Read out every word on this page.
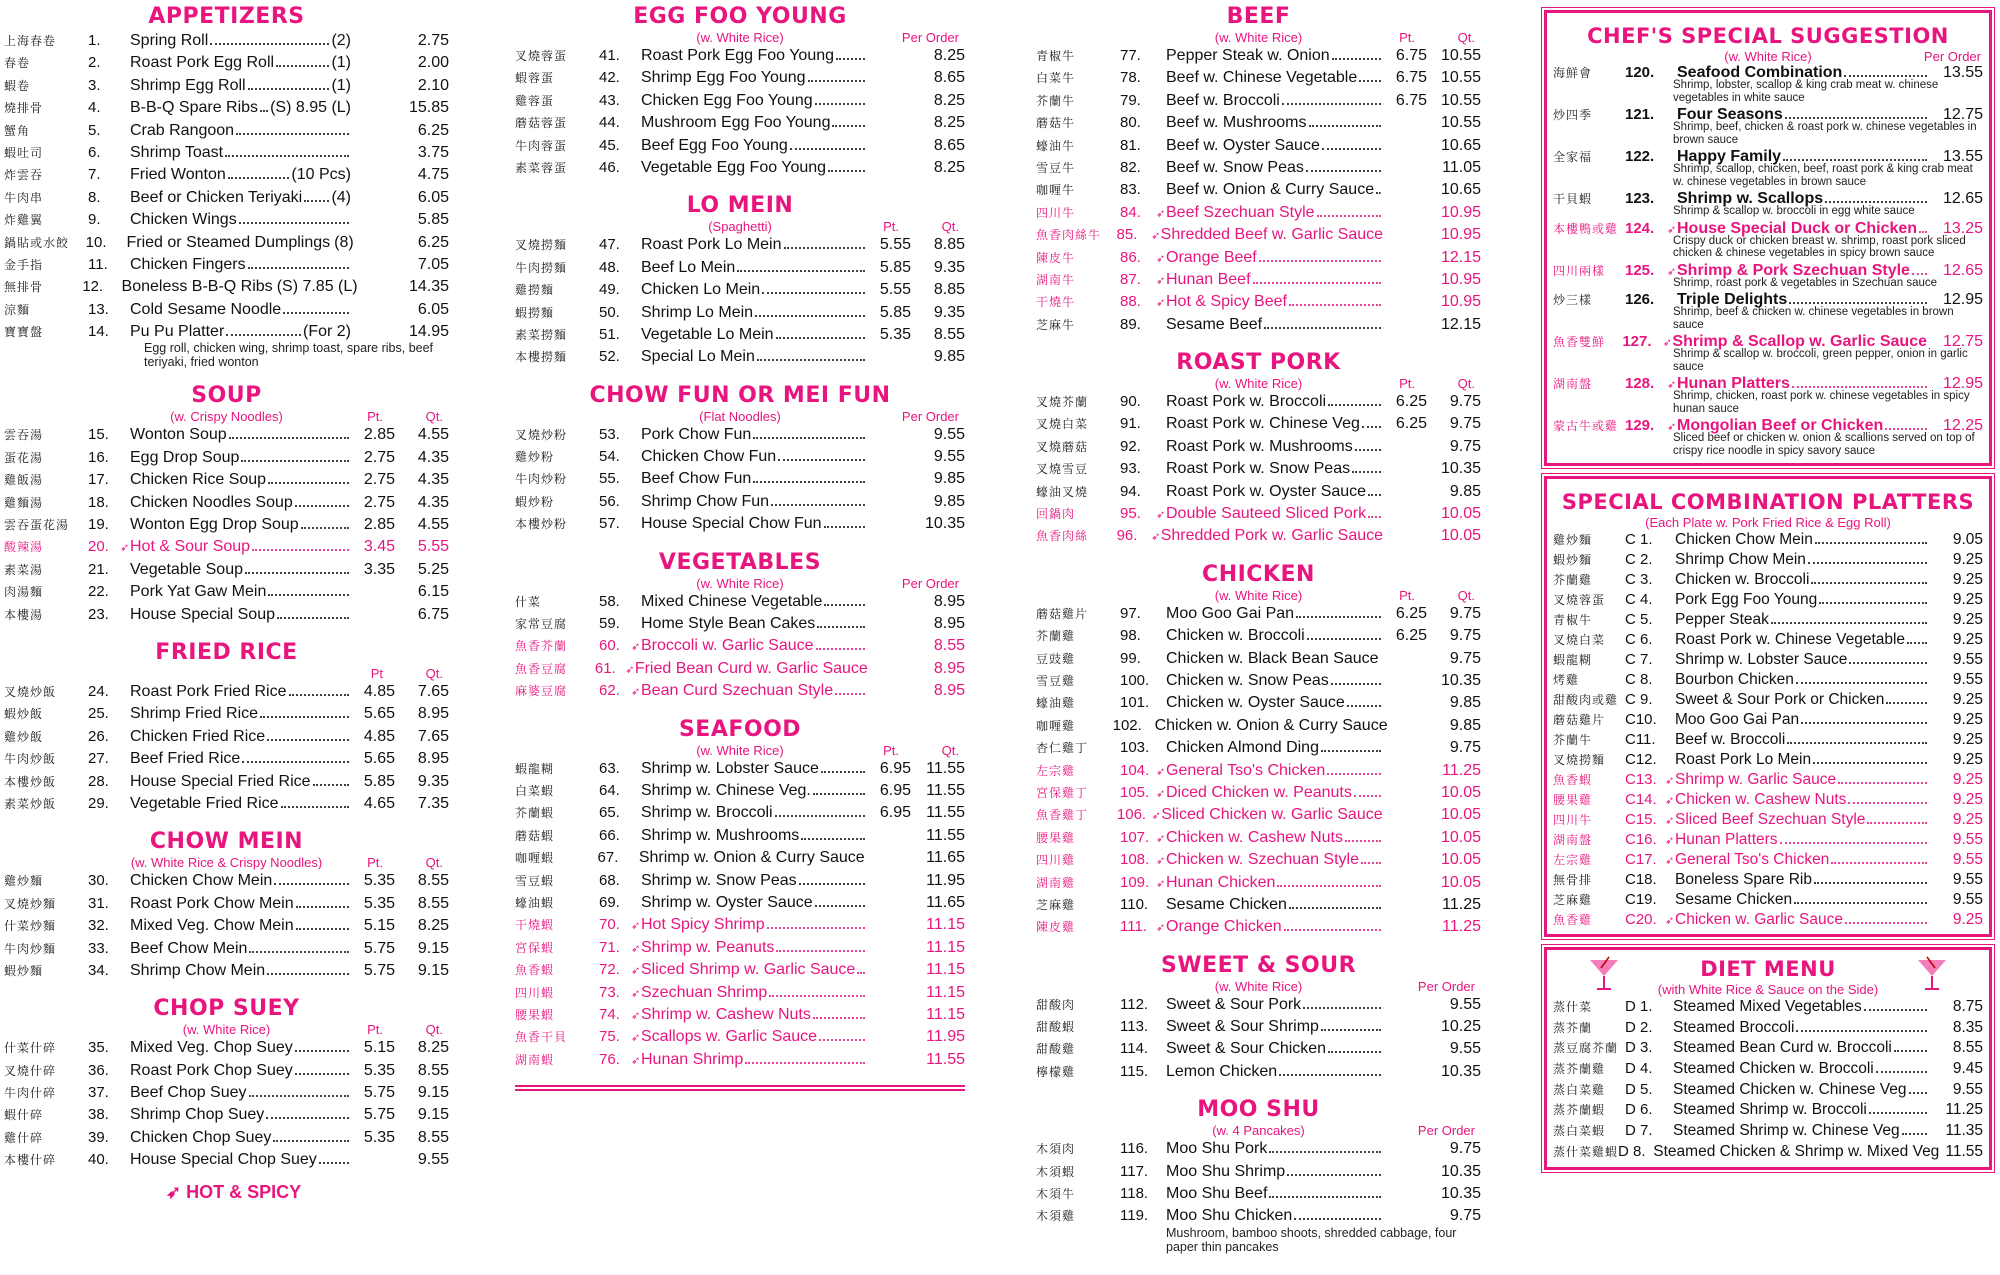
APPETIZERS
上海春卷	1.	Spring Roll	(2)	2.75
春卷	2.	Roast Pork Egg Roll	(1)	2.00
蝦卷	3.	Shrimp Egg Roll	(1)	2.10
燒排骨	4.	B-B-Q Spare Ribs (S) 8.95 (L)	15.85
蟹角	5.	Crab Rangoon	6.25
蝦吐司	6.	Shrimp Toast	3.75
炸雲吞	7.	Fried Wonton	(10 Pcs)	4.75
牛肉串	8.	Beef or Chicken Teriyaki (4)	6.05
炸雞翼	9.	Chicken Wings	5.85
鍋貼或水餃	10.	Fried or Steamed Dumplings (8)	6.25
金手指	11.	Chicken Fingers	7.05
無排骨	12.	Boneless B-B-Q Ribs (S) 7.85 (L)	14.35
涼麵	13.	Cold Sesame Noodle	6.05
寶寶盤	14.	Pu Pu Platter	(For 2)	14.95
Egg roll, chicken wing, shrimp toast, spare ribs, beef teriyaki, fried wonton
SOUP
(w. Crispy Noodles)	Pt.	Qt.
雲吞湯	15.	Wonton Soup	2.85	4.55
蛋花湯	16.	Egg Drop Soup	2.75	4.35
雞飯湯	17.	Chicken Rice Soup	2.75	4.35
雞麵湯	18.	Chicken Noodles Soup	2.75	4.35
雲吞蛋花湯	19.	Wonton Egg Drop Soup	2.85	4.55
酸辣湯	20.	➶ Hot & Sour Soup	3.45	5.55
素菜湯	21.	Vegetable Soup	3.35	5.25
肉湯麵	22.	Pork Yat Gaw Mein	6.15
本樓湯	23.	House Special Soup	6.75
FRIED RICE
Pt	Qt.
叉燒炒飯	24.	Roast Pork Fried Rice	4.85	7.65
蝦炒飯	25.	Shrimp Fried Rice	5.65	8.95
雞炒飯	26.	Chicken Fried Rice	4.85	7.65
牛肉炒飯	27.	Beef Fried Rice	5.65	8.95
本樓炒飯	28.	House Special Fried Rice	5.85	9.35
素菜炒飯	29.	Vegetable Fried Rice	4.65	7.35
CHOW MEIN
(w. White Rice & Crispy Noodles)	Pt.	Qt.
雞炒麵	30.	Chicken Chow Mein	5.35	8.55
叉燒炒麵	31.	Roast Pork Chow Mein	5.35	8.55
什菜炒麵	32.	Mixed Veg. Chow Mein	5.15	8.25
牛肉炒麵	33.	Beef Chow Mein	5.75	9.15
蝦炒麵	34.	Shrimp Chow Mein	5.75	9.15
CHOP SUEY
(w. White Rice)	Pt.	Qt.
什菜什碎	35.	Mixed Veg. Chop Suey	5.15	8.25
叉燒什碎	36.	Roast Pork Chop Suey	5.35	8.55
牛肉什碎	37.	Beef Chop Suey	5.75	9.15
蝦什碎	38.	Shrimp Chop Suey	5.75	9.15
雞什碎	39.	Chicken Chop Suey	5.35	8.55
本樓什碎	40.	House Special Chop Suey	9.55
➶ HOT & SPICY
EGG FOO YOUNG
(w. White Rice)	Per Order
叉燒蓉蛋	41.	Roast Pork Egg Foo Young	8.25
蝦蓉蛋	42.	Shrimp Egg Foo Young	8.65
雞蓉蛋	43.	Chicken Egg Foo Young	8.25
蘑菇蓉蛋	44.	Mushroom Egg Foo Young	8.25
牛肉蓉蛋	45.	Beef Egg Foo Young	8.65
素菜蓉蛋	46.	Vegetable Egg Foo Young	8.25
LO MEIN
(Spaghetti)	Pt.	Qt.
叉燒撈麵	47.	Roast Pork Lo Mein	5.55	8.85
牛肉撈麵	48.	Beef Lo Mein	5.85	9.35
雞撈麵	49.	Chicken Lo Mein	5.55	8.85
蝦撈麵	50.	Shrimp Lo Mein	5.85	9.35
素菜撈麵	51.	Vegetable Lo Mein	5.35	8.55
本樓撈麵	52.	Special Lo Mein	9.85
CHOW FUN OR MEI FUN
(Flat Noodles)	Per Order
叉燒炒粉	53.	Pork Chow Fun	9.55
雞炒粉	54.	Chicken Chow Fun	9.55
牛肉炒粉	55.	Beef Chow Fun	9.85
蝦炒粉	56.	Shrimp Chow Fun	9.85
本樓炒粉	57.	House Special Chow Fun	10.35
VEGETABLES
(w. White Rice)	Per Order
什菜	58.	Mixed Chinese Vegetable	8.95
家常豆腐	59.	Home Style Bean Cakes	8.95
魚香芥蘭	60.	➶ Broccoli w. Garlic Sauce	8.55
魚香豆腐	61. ➶ Fried Bean Curd w. Garlic Sauce	8.95
麻婆豆腐	62.	➶ Bean Curd Szechuan Style	8.95
SEAFOOD
(w. White Rice)	Pt.	Qt.
蝦龍糊	63.	Shrimp w. Lobster Sauce	6.95 11.55
白菜蝦	64.	Shrimp w. Chinese Veg.	6.95 11.55
芥蘭蝦	65.	Shrimp w. Broccoli	6.95 11.55
蘑菇蝦	66.	Shrimp w. Mushrooms	11.55
咖喱蝦	67.	Shrimp w. Onion & Curry Sauce	11.65
雪豆蝦	68.	Shrimp w. Snow Peas	11.95
蠔油蝦	69.	Shrimp w. Oyster Sauce	11.65
干燒蝦	70.	➶ Hot Spicy Shrimp	11.15
宮保蝦	71.	➶ Shrimp w. Peanuts	11.15
魚香蝦	72.	➶ Sliced Shrimp w. Garlic Sauce	11.15
四川蝦	73.	➶ Szechuan Shrimp	11.15
腰果蝦	74.	➶ Shrimp w. Cashew Nuts	11.15
魚香干貝	75.	➶ Scallops w. Garlic Sauce	11.95
湖南蝦	76.	➶ Hunan Shrimp	11.55
BEEF
(w. White Rice)	Pt.	Qt.
青椒牛	77.	Pepper Steak w. Onion	6.75 10.55
白菜牛	78.	Beef w. Chinese Vegetable	6.75 10.55
芥蘭牛	79.	Beef w. Broccoli	6.75 10.55
蘑菇牛	80.	Beef w. Mushrooms	10.55
蠔油牛	81.	Beef w. Oyster Sauce	10.65
雪豆牛	82.	Beef w. Snow Peas	11.05
咖喱牛	83.	Beef w. Onion & Curry Sauce	10.65
四川牛	84.	➶ Beef Szechuan Style	10.95
魚香肉絲牛	85.	➶ Shredded Beef w. Garlic Sauce	10.95
陳皮牛	86.	➶ Orange Beef	12.15
湖南牛	87.	➶ Hunan Beef	10.95
干燒牛	88.	➶ Hot & Spicy Beef	10.95
芝麻牛	89.	Sesame Beef	12.15
ROAST PORK
(w. White Rice)	Pt.	Qt.
叉燒芥蘭	90.	Roast Pork w. Broccoli	6.25	9.75
叉燒白菜	91.	Roast Pork w. Chinese Veg	6.25	9.75
叉燒蘑菇	92.	Roast Pork w. Mushrooms	9.75
叉燒雪豆	93.	Roast Pork w. Snow Peas	10.35
蠔油叉燒	94.	Roast Pork w. Oyster Sauce	9.85
回鍋肉	95.	➶ Double Sauteed Sliced Pork	10.05
魚香肉絲	96.	➶ Shredded Pork w. Garlic Sauce	10.05
CHICKEN
(w. White Rice)	Pt.	Qt.
蘑菇雞片	97.	Moo Goo Gai Pan	6.25	9.75
芥蘭雞	98.	Chicken w. Broccoli	6.25	9.75
豆豉雞	99.	Chicken w. Black Bean Sauce	9.75
雪豆雞	100.	Chicken w. Snow Peas	10.35
蠔油雞	101.	Chicken w. Oyster Sauce	9.85
咖喱雞	102. Chicken w. Onion & Curry Sauce	9.85
杏仁雞丁	103.	Chicken Almond Ding	9.75
左宗雞	104. ➶ General Tso's Chicken	11.25
宮保雞丁	105. ➶ Diced Chicken w. Peanuts	10.05
魚香雞丁	106. ➶ Sliced Chicken w. Garlic Sauce	10.05
腰果雞	107. ➶ Chicken w. Cashew Nuts	10.05
四川雞	108. ➶ Chicken w. Szechuan Style	10.05
湖南雞	109. ➶ Hunan Chicken	10.05
芝麻雞	110.	Sesame Chicken	11.25
陳皮雞	111. ➶ Orange Chicken	11.25
SWEET & SOUR
(w. White Rice)	Per Order
甜酸肉	112.	Sweet & Sour Pork	9.55
甜酸蝦	113.	Sweet & Sour Shrimp	10.25
甜酸雞	114.	Sweet & Sour Chicken	9.55
檸檬雞	115.	Lemon Chicken	10.35
MOO SHU
(w. 4 Pancakes)	Per Order
木須肉	116.	Moo Shu Pork	9.75
木須蝦	117.	Moo Shu Shrimp	10.35
木須牛	118.	Moo Shu Beef	10.35
木須雞	119.	Moo Shu Chicken	9.75
Mushroom, bamboo shoots, shredded cabbage, four paper thin pancakes
CHEF'S SPECIAL SUGGESTION
(w. White Rice)	Per Order
海鮮會	120.	Seafood Combination	13.55
Shrimp, lobster, scallop & king crab meat w. chinese vegetables in white sauce
炒四季	121.	Four Seasons	12.75
Shrimp, beef, chicken & roast pork w. chinese vegetables in brown sauce
全家福	122.	Happy Family	13.55
Shrimp, scallop, chicken, beef, roast pork & king crab meat w. chinese vegetables in brown sauce
干貝蝦	123.	Shrimp w. Scallops	12.65
Shrimp & scallop w. broccoli in egg white sauce
本樓鴨或雞 124.	➶ House Special Duck or Chicken	13.25
Crispy duck or chicken breast w. shrimp, roast pork sliced chicken & chinese vegetables in spicy brown sauce
四川兩樣	125.	➶ Shrimp & Pork Szechuan Style	12.65
Shrimp, roast pork & vegetables in Szechuan sauce
炒三樣	126.	Triple Delights	12.95
Shrimp, beef & chicken w. chinese vegetables in brown sauce
魚香雙鮮	127.	➶ Shrimp & Scallop w. Garlic Sauce 12.75
Shrimp & scallop w. broccoli, green pepper, onion in garlic sauce
湖南盤	128.	➶ Hunan Platters	12.95
Shrimp, chicken, roast pork w. chinese vegetables in spicy hunan sauce
蒙古牛或雞 129.	➶ Mongolian Beef or Chicken	12.25
Sliced beef or chicken w. onion & scallions served on top of crispy rice noodle in spicy savory sauce
SPECIAL COMBINATION PLATTERS
(Each Plate w. Pork Fried Rice & Egg Roll)
雞炒麵	C 1.	Chicken Chow Mein	9.05
蝦炒麵	C 2.	Shrimp Chow Mein	9.25
芥蘭雞	C 3.	Chicken w. Broccoli	9.25
叉燒蓉蛋	C 4.	Pork Egg Foo Young	9.25
青椒牛	C 5.	Pepper Steak	9.25
叉燒白菜	C 6.	Roast Pork w. Chinese Vegetable	9.25
蝦龍糊	C 7.	Shrimp w. Lobster Sauce	9.55
烤雞	C 8.	Bourbon Chicken	9.55
甜酸肉或雞 C 9.	Sweet & Sour Pork or Chicken	9.25
蘑菇雞片	C10.	Moo Goo Gai Pan	9.25
芥蘭牛	C11.	Beef w. Broccoli	9.25
叉燒撈麵	C12.	Roast Pork Lo Mein	9.25
魚香蝦	C13. ➶ Shrimp w. Garlic Sauce	9.25
腰果雞	C14. ➶ Chicken w. Cashew Nuts	9.25
四川牛	C15. ➶ Sliced Beef Szechuan Style	9.25
湖南盤	C16. ➶ Hunan Platters	9.55
左宗雞	C17. ➶ General Tso's Chicken	9.55
無骨排	C18.	Boneless Spare Rib	9.55
芝麻雞	C19.	Sesame Chicken	9.55
魚香雞	C20. ➶ Chicken w. Garlic Sauce	9.25
DIET MENU
(with White Rice & Sauce on the Side)
蒸什菜	D 1.	Steamed Mixed Vegetables	8.75
蒸芥蘭	D 2.	Steamed Broccoli	8.35
蒸豆腐芥蘭 D 3.	Steamed Bean Curd w. Broccoli	8.55
蒸芥蘭雞	D 4.	Steamed Chicken w. Broccoli	9.45
蒸白菜雞	D 5.	Steamed Chicken w. Chinese Veg	9.55
蒸芥蘭蝦	D 6.	Steamed Shrimp w. Broccoli	11.25
蒸白菜蝦	D 7.	Steamed Shrimp w. Chinese Veg	11.35
蒸什菜雞蝦 D 8. Steamed Chicken & Shrimp w. Mixed Veg 11.55
